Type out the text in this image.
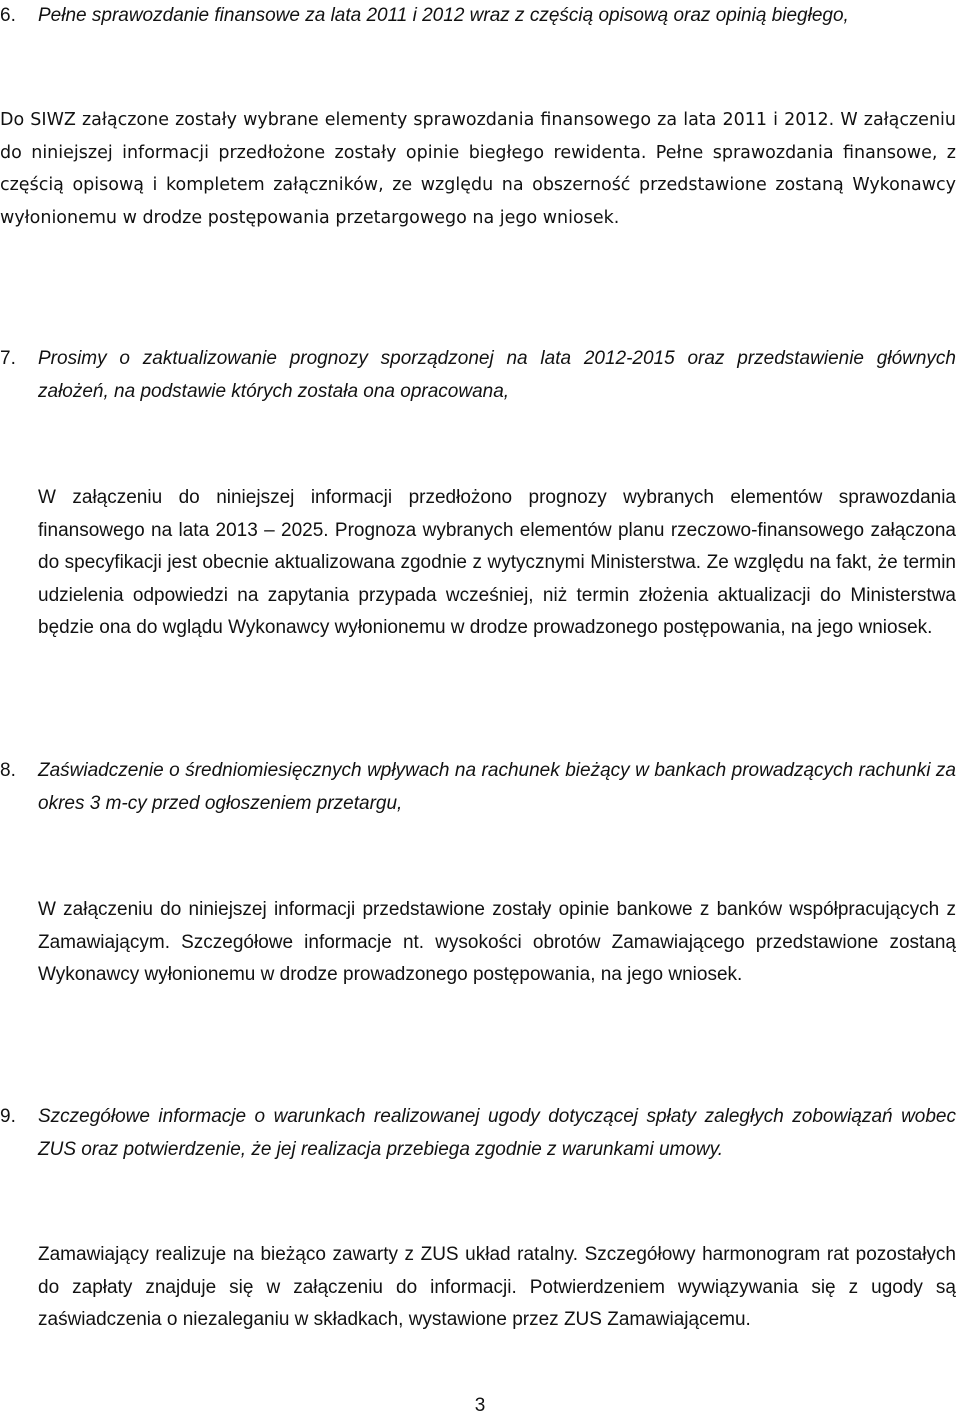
6.	Pełne sprawozdanie finansowe za lata 2011 i 2012 wraz z częścią opisową oraz opinią biegłego,
Do SIWZ załączone zostały wybrane elementy sprawozdania finansowego za lata 2011 i 2012. W załączeniu do niniejszej informacji przedłożone zostały opinie biegłego rewidenta. Pełne sprawozdania finansowe, z częścią opisową i kompletem załączników, ze względu na obszerność przedstawione zostaną Wykonawcy wyłonionemu w drodze postępowania przetargowego na jego wniosek.
7.	Prosimy o zaktualizowanie prognozy sporządzonej na lata 2012-2015 oraz przedstawienie głównych założeń, na podstawie których została ona opracowana,
W załączeniu do niniejszej informacji przedłożono prognozy wybranych elementów sprawozdania finansowego na lata 2013 – 2025. Prognoza wybranych elementów planu rzeczowo-finansowego załączona do specyfikacji jest obecnie aktualizowana zgodnie z wytycznymi Ministerstwa. Ze względu na fakt, że termin udzielenia odpowiedzi na zapytania przypada wcześniej, niż termin złożenia aktualizacji do Ministerstwa będzie ona do wglądu Wykonawcy wyłonionemu w drodze prowadzonego postępowania, na jego wniosek.
8.	Zaświadczenie o średniomiesięcznych wpływach na rachunek bieżący w bankach prowadzących rachunki za okres 3 m-cy przed ogłoszeniem przetargu,
W załączeniu do niniejszej informacji przedstawione zostały opinie bankowe z banków współpracujących z Zamawiającym. Szczegółowe informacje nt. wysokości obrotów Zamawiającego przedstawione zostaną Wykonawcy wyłonionemu w drodze prowadzonego postępowania, na jego wniosek.
9.	Szczegółowe informacje o warunkach realizowanej ugody dotyczącej spłaty zaległych zobowiązań wobec ZUS oraz potwierdzenie, że jej realizacja przebiega zgodnie z warunkami umowy.
Zamawiający realizuje na bieżąco zawarty z ZUS układ ratalny. Szczegółowy harmonogram rat pozostałych do zapłaty znajduje się w załączeniu do informacji. Potwierdzeniem wywiązywania się z ugody są zaświadczenia o niezaleganiu w składkach, wystawione przez ZUS Zamawiającemu.
3
